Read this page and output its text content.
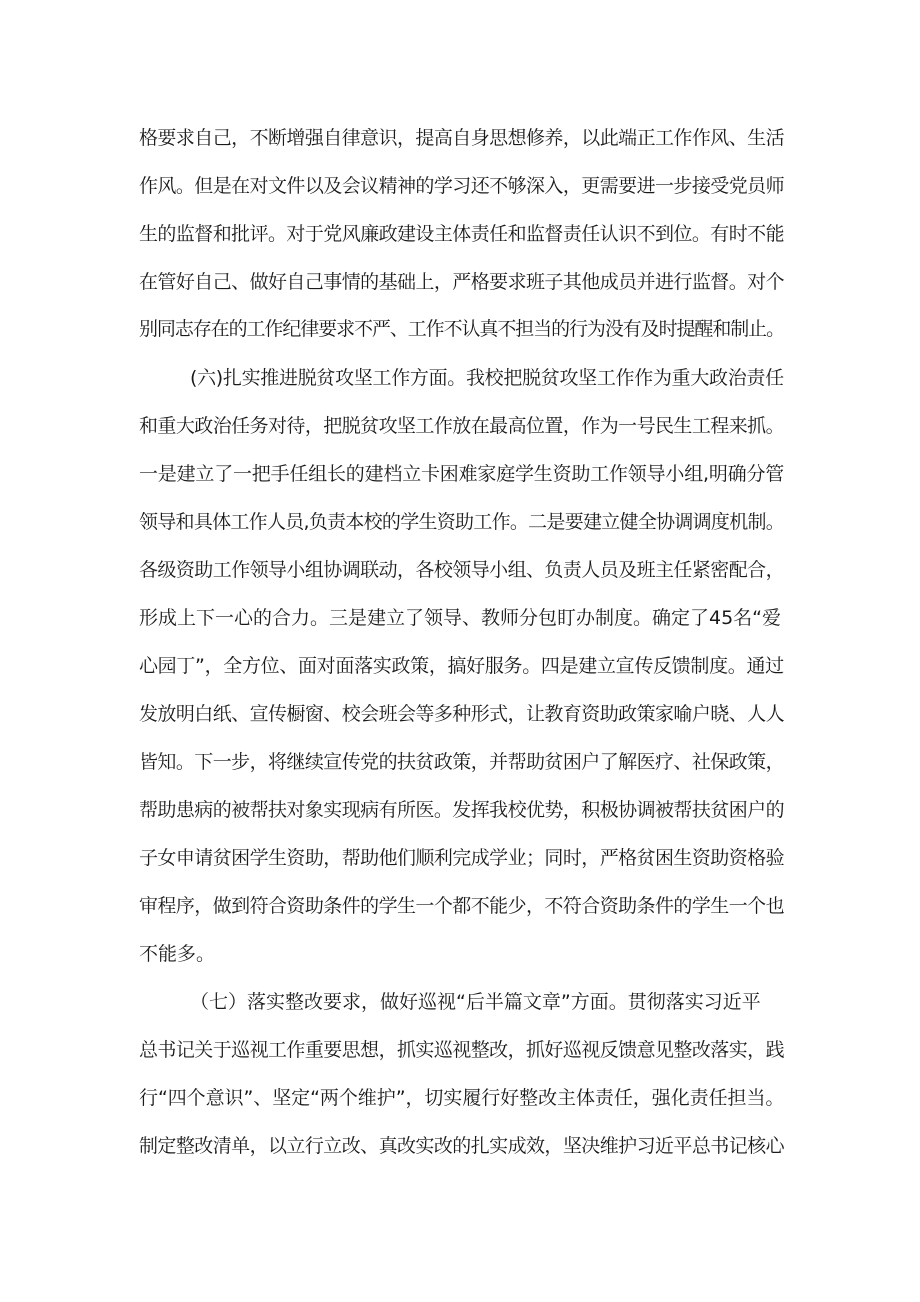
格要求自己，不断增强自律意识，提高自身思想修养，以此端正工作作风、生活
作风。但是在对文件以及会议精神的学习还不够深入，更需要进一步接受党员师
生的监督和批评。对于党风廉政建设主体责任和监督责任认识不到位。有时不能
在管好自己、做好自己事情的基础上，严格要求班子其他成员并进行监督。对个
别同志存在的工作纪律要求不严、工作不认真不担当的行为没有及时提醒和制止。
(六)扎实推进脱贫攻坚工作方面。我校把脱贫攻坚工作作为重大政治责任
和重大政治任务对待，把脱贫攻坚工作放在最高位置，作为一号民生工程来抓。
一是建立了一把手任组长的建档立卡困难家庭学生资助工作领导小组,明确分管
领导和具体工作人员,负责本校的学生资助工作。二是要建立健全协调调度机制。
各级资助工作领导小组协调联动，各校领导小组、负责人员及班主任紧密配合，
形成上下一心的合力。三是建立了领导、教师分包盯办制度。确定了45名“爱
心园丁”，全方位、面对面落实政策，搞好服务。四是建立宣传反馈制度。通过
发放明白纸、宣传橱窗、校会班会等多种形式，让教育资助政策家喻户晓、人人
皆知。下一步，将继续宣传党的扶贫政策，并帮助贫困户了解医疗、社保政策，
帮助患病的被帮扶对象实现病有所医。发挥我校优势，积极协调被帮扶贫困户的
子女申请贫困学生资助，帮助他们顺利完成学业；同时，严格贫困生资助资格验
审程序，做到符合资助条件的学生一个都不能少，不符合资助条件的学生一个也
不能多。
（七）落实整改要求，做好巡视“后半篇文章”方面。贯彻落实习近平
总书记关于巡视工作重要思想，抓实巡视整改，抓好巡视反馈意见整改落实，践
行“四个意识”、坚定“两个维护”，切实履行好整改主体责任，强化责任担当。
制定整改清单，以立行立改、真改实改的扎实成效，坚决维护习近平总书记核心
